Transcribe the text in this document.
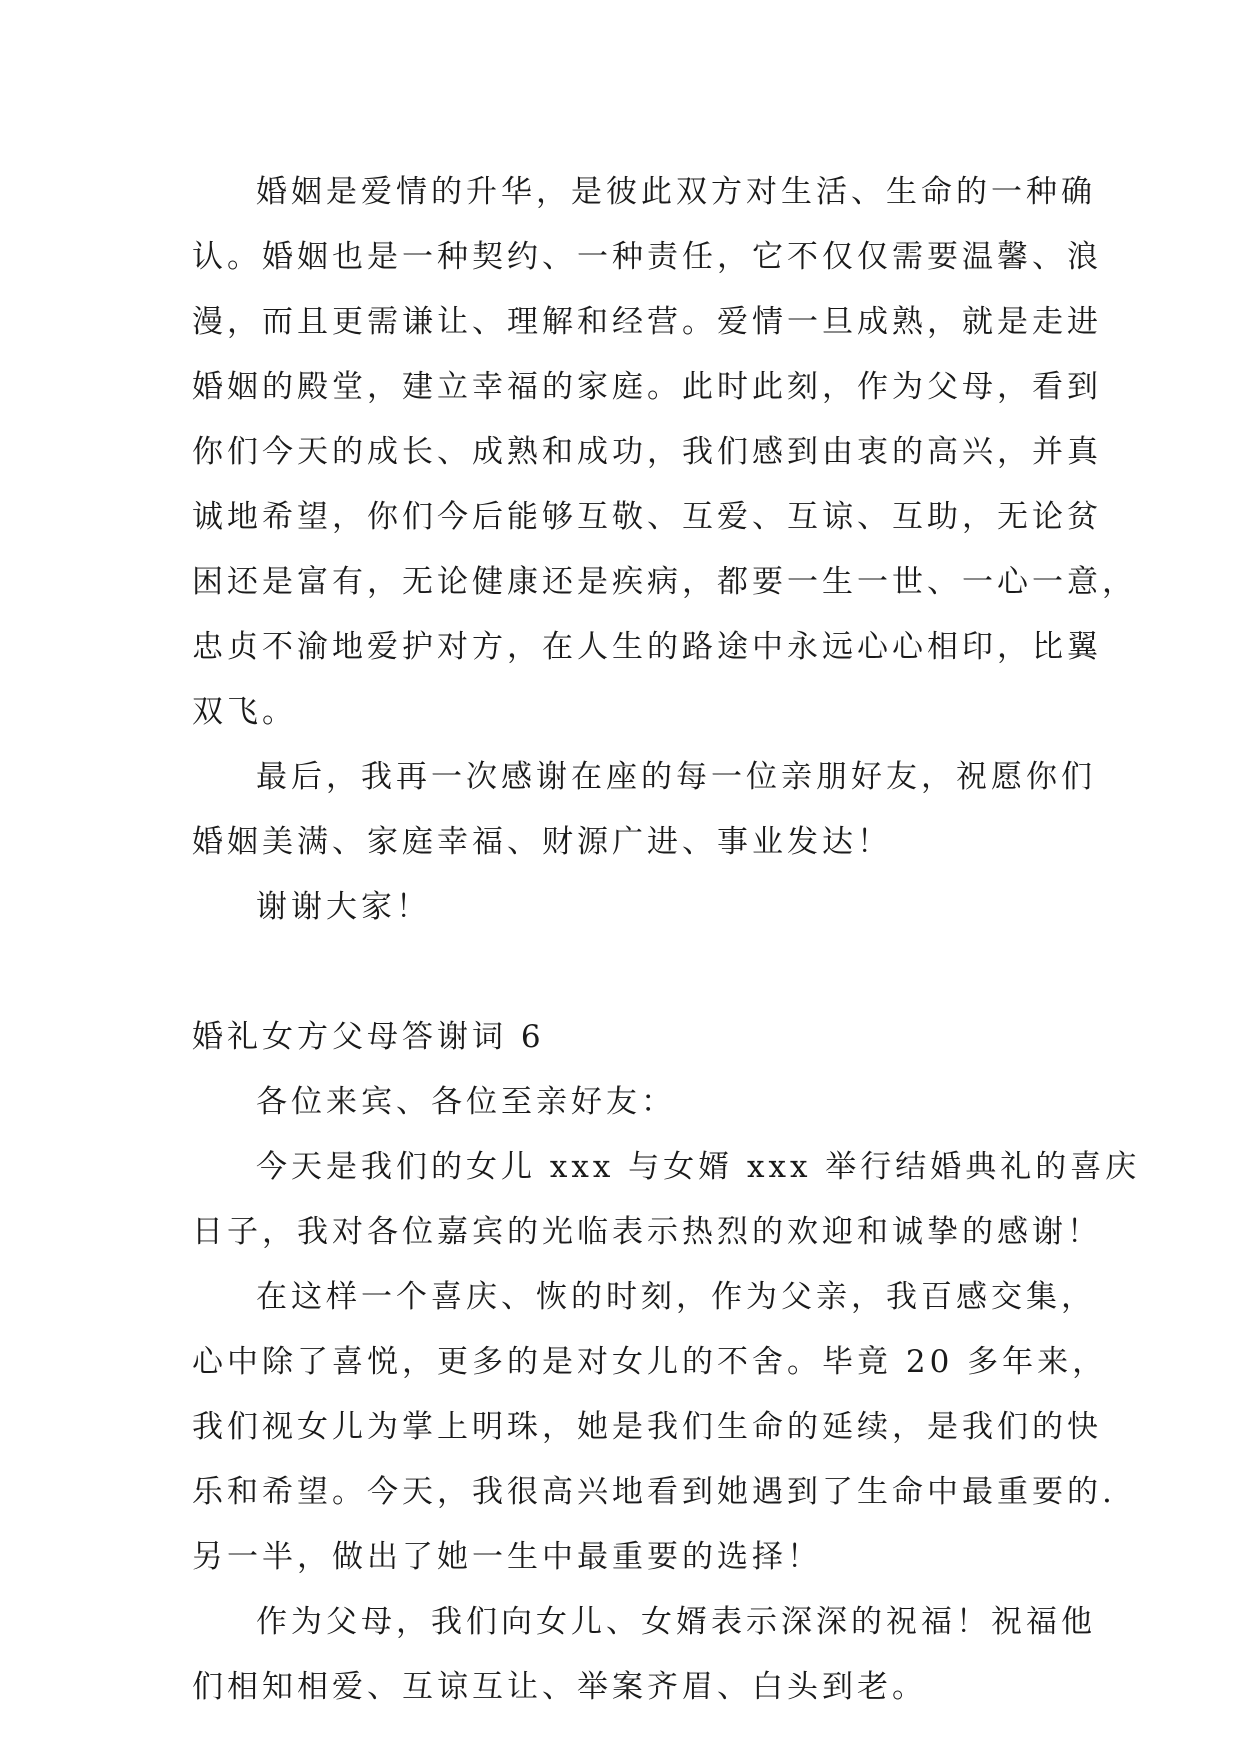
婚姻是爱情的升华，是彼此双方对生活、生命的一种确
认。婚姻也是一种契约、一种责任，它不仅仅需要温馨、浪
漫，而且更需谦让、理解和经营。爱情一旦成熟，就是走进
婚姻的殿堂，建立幸福的家庭。此时此刻，作为父母，看到
你们今天的成长、成熟和成功，我们感到由衷的高兴，并真
诚地希望，你们今后能够互敬、互爱、互谅、互助，无论贫
困还是富有，无论健康还是疾病，都要一生一世、一心一意，
忠贞不渝地爱护对方，在人生的路途中永远心心相印，比翼
双飞。
最后，我再一次感谢在座的每一位亲朋好友，祝愿你们
婚姻美满、家庭幸福、财源广进、事业发达！
谢谢大家！
婚礼女方父母答谢词 6
各位来宾、各位至亲好友：
今天是我们的女儿 xxx 与女婿 xxx 举行结婚典礼的喜庆
日子，我对各位嘉宾的光临表示热烈的欢迎和诚挚的感谢！
在这样一个喜庆、恢的时刻，作为父亲，我百感交集，
心中除了喜悦，更多的是对女儿的不舍。毕竟 20 多年来，
我们视女儿为掌上明珠，她是我们生命的延续，是我们的快
乐和希望。今天，我很高兴地看到她遇到了生命中最重要的.
另一半，做出了她一生中最重要的选择！
作为父母，我们向女儿、女婿表示深深的祝福！祝福他
们相知相爱、互谅互让、举案齐眉、白头到老。
